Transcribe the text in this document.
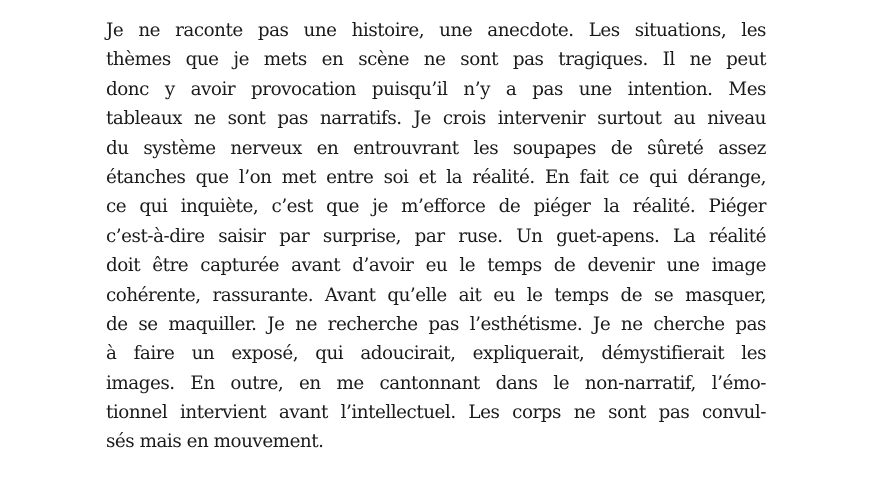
Je ne raconte pas une histoire, une anecdote. Les situations, les
thèmes que je mets en scène ne sont pas tragiques. Il ne peut
donc y avoir provocation puisqu’il n’y a pas une intention. Mes
tableaux ne sont pas narratifs. Je crois intervenir surtout au niveau
du système nerveux en entrouvrant les soupapes de sûreté assez
étanches que l’on met entre soi et la réalité. En fait ce qui dérange,
ce qui inquiète, c’est que je m’efforce de piéger la réalité. Piéger
c’est-à-dire saisir par surprise, par ruse. Un guet-apens. La réalité
doit être capturée avant d’avoir eu le temps de devenir une image
cohérente, rassurante. Avant qu’elle ait eu le temps de se masquer,
de se maquiller. Je ne recherche pas l’esthétisme. Je ne cherche pas
à faire un exposé, qui adoucirait, expliquerait, démystifierait les
images. En outre, en me cantonnant dans le non-narratif, l’émo-
tionnel intervient avant l’intellectuel. Les corps ne sont pas convul-
sés mais en mouvement.
